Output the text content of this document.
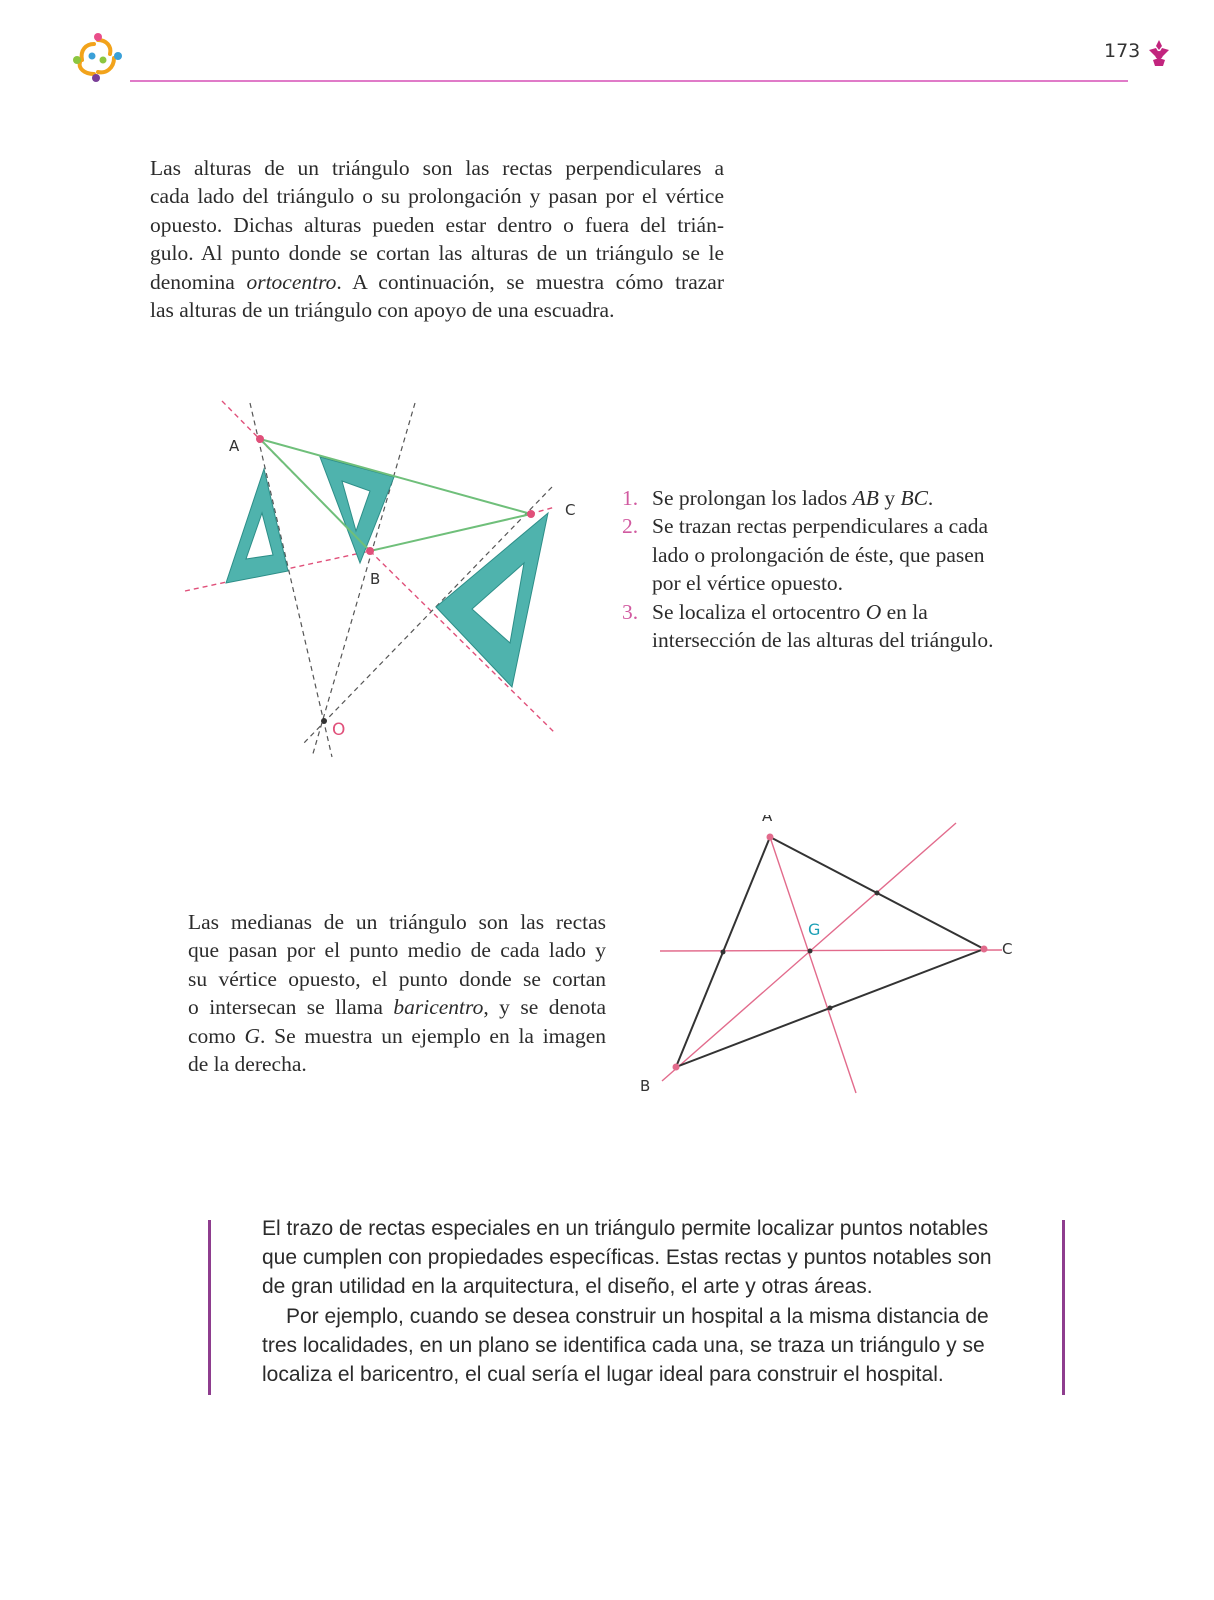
173
Las alturas de un triángulo son las rectas perpendiculares a
cada lado del triángulo o su prolongación y pasan por el vértice
opuesto. Dichas alturas pueden estar dentro o fuera del trián-
gulo. Al punto donde se cortan las alturas de un triángulo se le
denomina ortocentro. A continuación, se muestra cómo trazar
las alturas de un triángulo con apoyo de una escuadra.
A
B
C
O
1. Se prolongan los lados AB y BC.
2. Se trazan rectas perpendiculares a cada lado o prolongación de éste, que pasen por el vértice opuesto.
3. Se localiza el ortocentro O en la intersección de las alturas del triángulo.
Las medianas de un triángulo son las rectas
que pasan por el punto medio de cada lado y
su vértice opuesto, el punto donde se cortan
o intersecan se llama baricentro, y se denota
como G. Se muestra un ejemplo en la imagen
de la derecha.
A
B
C
G

El trazo de rectas especiales en un triángulo permite localizar puntos notables que cumplen con propiedades específicas. Estas rectas y puntos notables son de gran utilidad en la arquitectura, el diseño, el arte y otras áreas.

Por ejemplo, cuando se desea construir un hospital a la misma distancia de tres localidades, en un plano se identifica cada una, se traza un triángulo y se localiza el baricentro, el cual sería el lugar ideal para construir el hospital.
